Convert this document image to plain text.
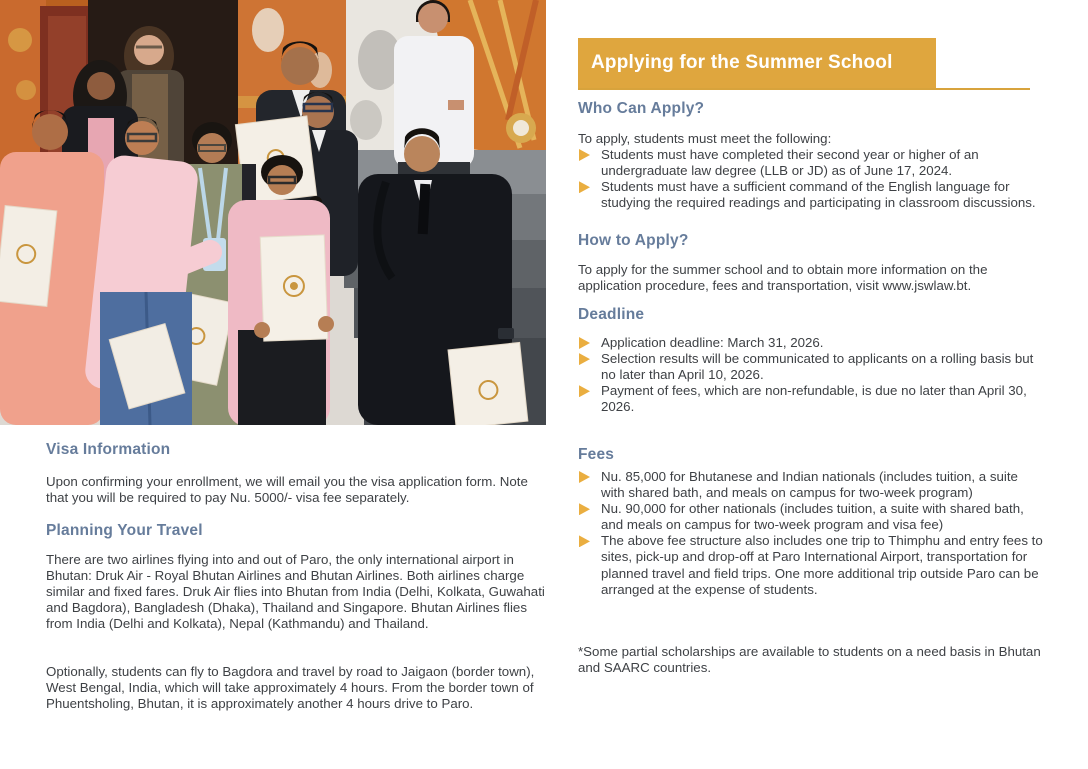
Visa Information
Upon confirming your enrollment, we will email you the visa application form. Note that you will be required to pay Nu. 5000/- visa fee separately.
Planning Your Travel
There are two airlines flying into and out of Paro, the only international airport in Bhutan: Druk Air - Royal Bhutan Airlines and Bhutan Airlines. Both airlines charge similar and fixed fares. Druk Air flies into Bhutan from India (Delhi, Kolkata, Guwahati and Bagdora), Bangladesh (Dhaka), Thailand and Singapore. Bhutan Airlines flies from India (Delhi and Kolkata), Nepal (Kathmandu) and Thailand.
Optionally, students can fly to Bagdora and travel by road to Jaigaon (border town), West Bengal, India, which will take approximately 4 hours. From the border town of Phuentsholing, Bhutan, it is approximately another 4 hours drive to Paro.
Applying for the Summer School
Who Can Apply?
To apply, students must meet the following:
Students must have completed their second year or higher of an undergraduate law degree (LLB or JD) as of June 17, 2024.
Students must have a sufficient command of the English language for studying the required readings and participating in classroom discussions.
How to Apply?
To apply for the summer school and to obtain more information on the application procedure, fees and transportation, visit www.jswlaw.bt.
Deadline
Application deadline: March 31, 2026.
Selection results will be communicated to applicants on a rolling basis but no later than April 10, 2026.
Payment of fees, which are non-refundable, is due no later than April 30, 2026.
Fees
Nu. 85,000 for Bhutanese and Indian nationals (includes tuition, a suite with shared bath, and meals on campus for two-week program)
Nu. 90,000 for other nationals (includes tuition, a suite with shared bath, and meals on campus for two-week program and visa fee)
The above fee structure also includes one trip to Thimphu and entry fees to sites, pick-up and drop-off at Paro International Airport, transportation for planned travel and field trips. One more additional trip outside Paro can be arranged at the expense of students.
*Some partial scholarships are available to students on a need basis in Bhutan and SAARC countries.
